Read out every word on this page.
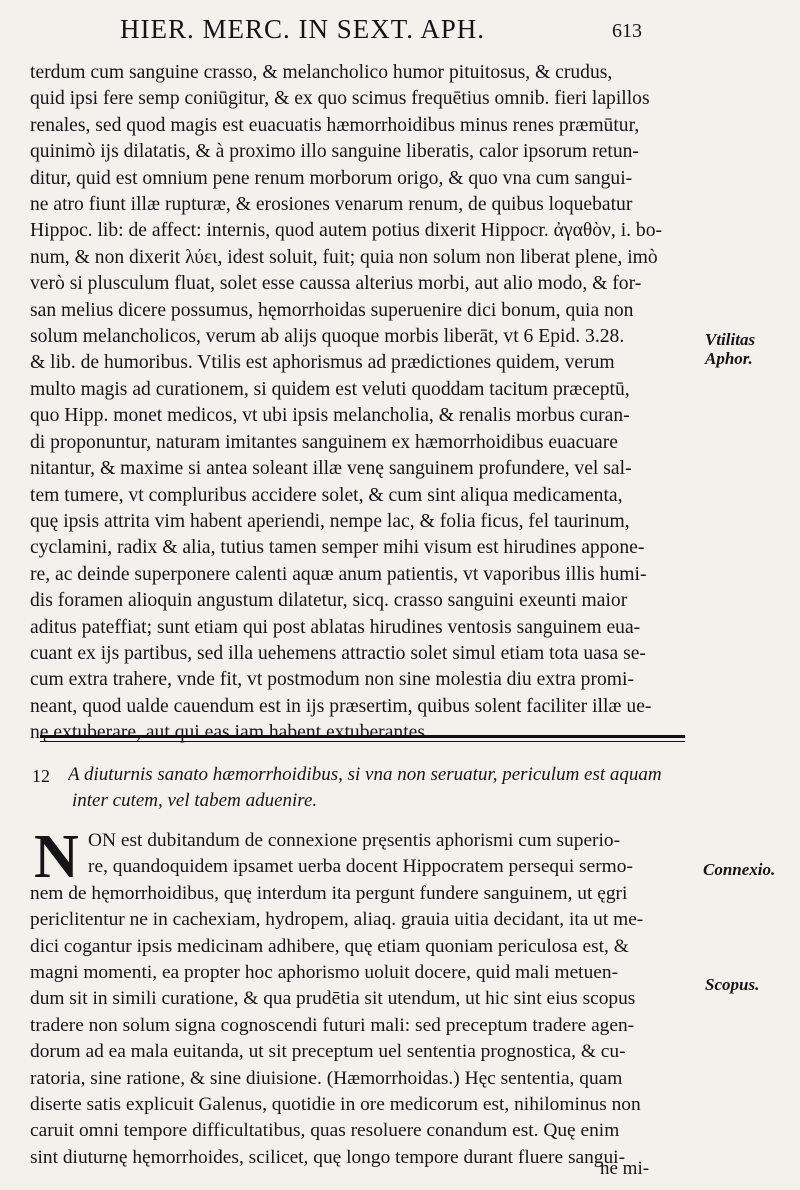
HIER. MERC. IN SEXT. APH.	613
terdum cum sanguine crasso, & melancholico humor pituitosus, & crudus,
quid ipsi fere semp coniūgitur, & ex quo scimus frequētius omnib. fieri lapillos
renales, sed quod magis est euacuatis hæmorrhoidibus minus renes præmūtur,
quinimò ijs dilatatis, & à proximo illo sanguine liberatis, calor ipsorum retun-
ditur, quid est omnium pene renum morborum origo, & quo vna cum sangui-
ne atro fiunt illæ rupturæ, & erosiones venarum renum, de quibus loquebatur
Hippoc. lib: de affect: internis, quod autem potius dixerit Hippocr. ἀγαθὸν, i. bo-
num, & non dixerit λύει, idest soluit, fuit; quia non solum non liberat plene, imò
verò si plusculum fluat, solet esse caussa alterius morbi, aut alio modo, & for-
san melius dicere possumus, hęmorrhoidas superuenire dici bonum, quia non
solum melancholicos, verum ab alijs quoque morbis liberāt, vt 6 Epid. 3.28.
& lib. de humoribus. Vtilis est aphorismus ad prædictiones quidem, verum
multo magis ad curationem, si quidem est veluti quoddam tacitum præceptū,
quo Hipp. monet medicos, vt ubi ipsis melancholia, & renalis morbus curan-
di proponuntur, naturam imitantes sanguinem ex hæmorrhoidibus euacuare
nitantur, & maxime si antea soleant illæ venę sanguinem profundere, vel sal-
tem tumere, vt compluribus accidere solet, & cum sint aliqua medicamenta,
quę ipsis attrita vim habent aperiendi, nempe lac, & folia ficus, fel taurinum,
cyclamini, radix & alia, tutius tamen semper mihi visum est hirudines appone-
re, ac deinde superponere calenti aquæ anum patientis, vt vaporibus illis humi-
dis foramen alioquin angustum dilatetur, sicq. crasso sanguini exeunti maior
aditus pateffiat; sunt etiam qui post ablatas hirudines ventosis sanguinem eua-
cuant ex ijs partibus, sed illa uehemens attractio solet simul etiam tota uasa se-
cum extra trahere, vnde fit, vt postmodum non sine molestia diu extra promi-
neant, quod ualde cauendum est in ijs præsertim, quibus solent faciliter illæ ue-
nę extuberare, aut qui eas iam habent extuberantes.
Vtilitas
Aphor.
12 A diuturnis sanato hæmorrhoidibus, si vna non seruatur, periculum est aquam
inter cutem, vel tabem aduenire.
N ON est dubitandum de connexione pręsentis aphorismi cum superio-
re, quandoquidem ipsamet uerba docent Hippocratem persequi sermo-
nem de hęmorrhoidibus, quę interdum ita pergunt fundere sanguinem, ut ęgri
periclitentur ne in cachexiam, hydropem, aliaq. grauia uitia decidant, ita ut me-
dici cogantur ipsis medicinam adhibere, quę etiam quoniam periculosa est, &
magni momenti, ea propter hoc aphorismo uoluit docere, quid mali metuen-
dum sit in simili curatione, & qua prudētia sit utendum, ut hic sint eius scopus
tradere non solum signa cognoscendi futuri mali: sed preceptum tradere agen-
dorum ad ea mala euitanda, ut sit preceptum uel sententia prognostica, & cu-
ratoria, sine ratione, & sine diuisione. (Hæmorrhoidas.) Hęc sententia, quam
diserte satis explicuit Galenus, quotidie in ore medicorum est, nihilominus non
caruit omni tempore difficultatibus, quas resoluere conandum est. Quę enim
sint diuturnę hęmorrhoides, scilicet, quę longo tempore durant fluere sangui-
Connexio.
Scopus.
ne mi-
